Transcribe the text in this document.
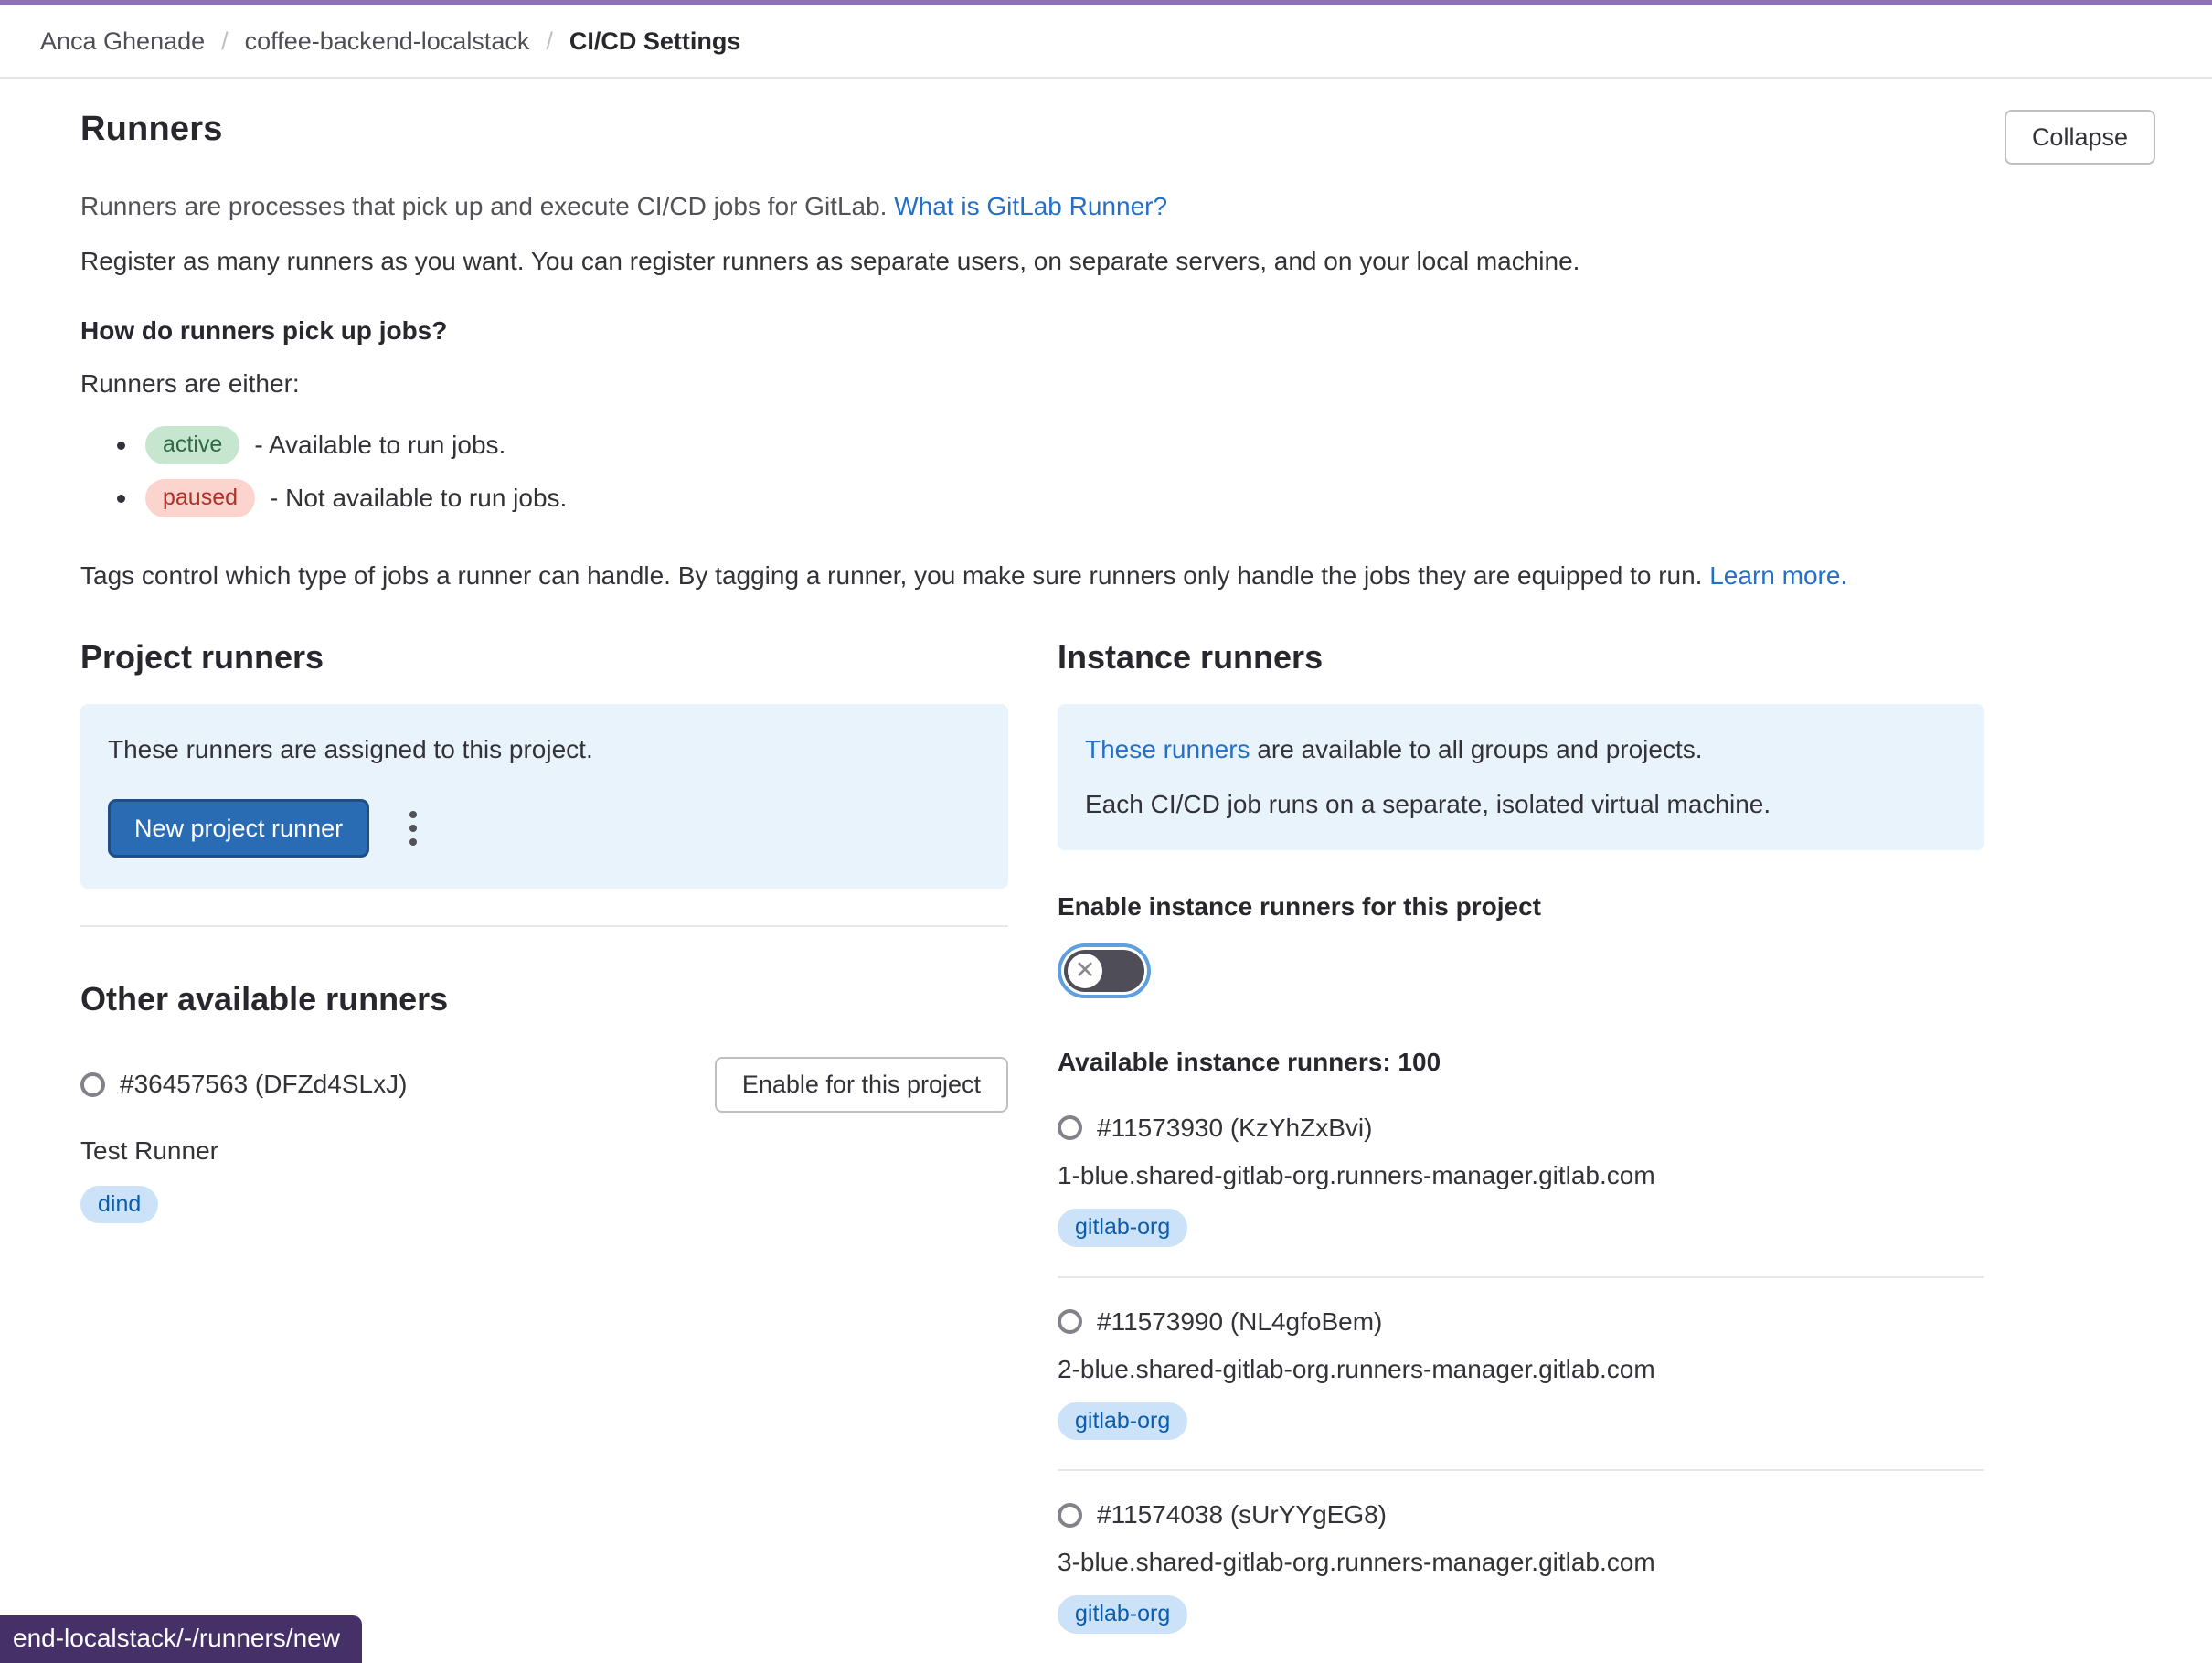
Anca Ghenade / coffee-backend-localstack / CI/CD Settings
Runners	Collapse

Runners are processes that pick up and execute CI/CD jobs for GitLab. What is GitLab Runner?

Register as many runners as you want. You can register runners as separate users, on separate servers, and on your local machine.

How do runners pick up jobs?

Runners are either:

active	- Available to run jobs.
paused	- Not available to run jobs.

Tags control which type of jobs a runner can handle. By tagging a runner, you make sure runners only handle the jobs they are equipped to run. Learn more.

Project runners

These runners are assigned to this project.

New project runner
Other available runners
#36457563 (DFZd4SLxJ)	Enable for this project
Test Runner
dind
Instance runners

These runners are available to all groups and projects.

Each CI/CD job runs on a separate, isolated virtual machine.

Enable instance runners for this project

✕

Available instance runners: 100

#11573930 (KzYhZxBvi)
1-blue.shared-gitlab-org.runners-manager.gitlab.com
gitlab-org
#11573990 (NL4gfoBem)
2-blue.shared-gitlab-org.runners-manager.gitlab.com
gitlab-org
#11574038 (sUrYYgEG8)
3-blue.shared-gitlab-org.runners-manager.gitlab.com
gitlab-org
end-localstack/-/runners/new
